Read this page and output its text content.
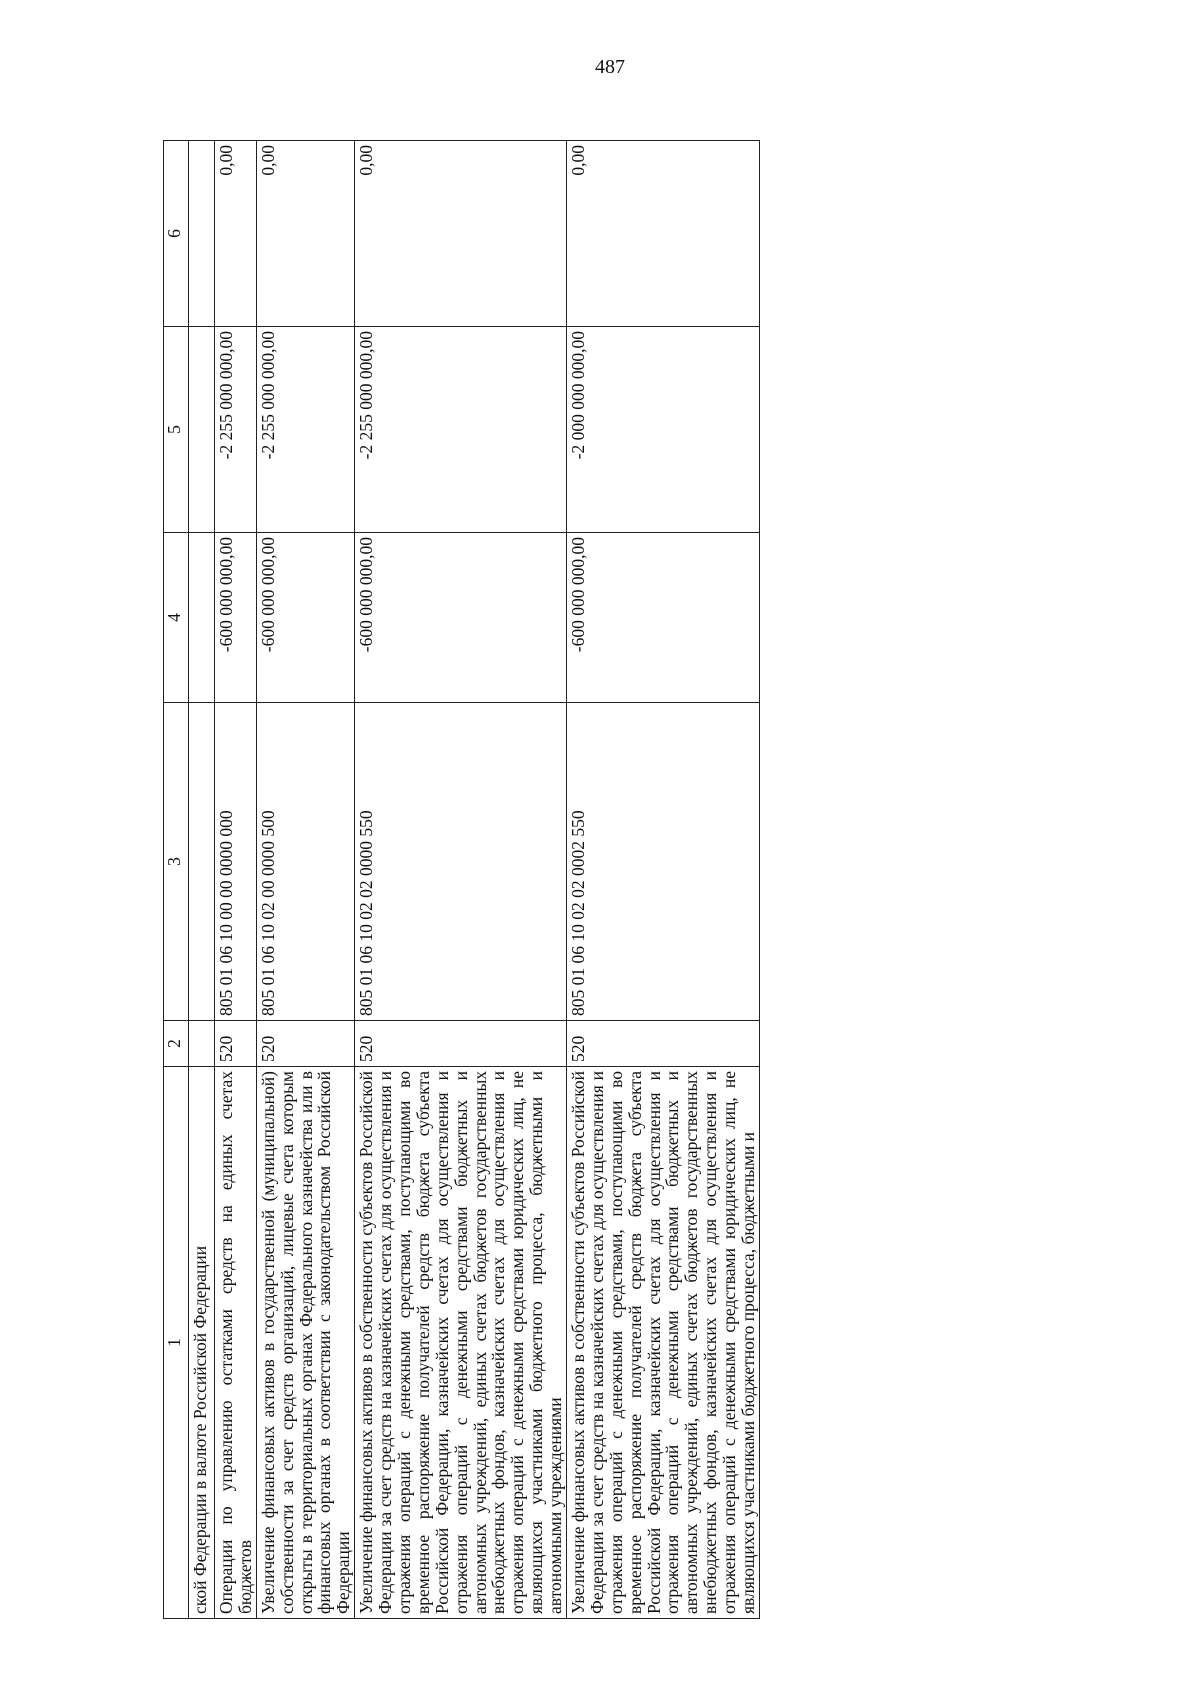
487
1	2	3	4	5	6
ской Федерации в валюте Российской Федерации					
Операции по управлению остатками средств на единых счетах бюджетов	520	805 01 06 10 00 00 0000 000	-600 000 000,00	-2 255 000 000,00	0,00
Увеличение финансовых активов в государственной (муниципальной) собственности за счет средств организаций, лицевые счета которым открыты в территориальных органах Федерального казначейства или в финансовых органах в соответствии с законодательством Российской Федерации	520	805 01 06 10 02 00 0000 500	-600 000 000,00	-2 255 000 000,00	0,00
Увеличение финансовых активов в собственности субъектов Российской Федерации за счет средств на казначейских счетах для осуществления и отражения операций с денежными средствами, поступающими во временное распоряжение получателей средств бюджета субъекта Российской Федерации, казначейских счетах для осуществления и отражения операций с денежными средствами бюджетных и автономных учреждений, единых счетах бюджетов государственных внебюджетных фондов, казначейских счетах для осуществления и отражения операций с денежными средствами юридических лиц, не являющихся участниками бюджетного процесса, бюджетными и автономными учреждениями	520	805 01 06 10 02 02 0000 550	-600 000 000,00	-2 255 000 000,00	0,00
Увеличение финансовых активов в собственности субъектов Российской Федерации за счет средств на казначейских счетах для осуществления и отражения операций с денежными средствами, поступающими во временное распоряжение получателей средств бюджета субъекта Российской Федерации, казначейских счетах для осуществления и отражения операций с денежными средствами бюджетных и автономных учреждений, единых счетах бюджетов государственных внебюджетных фондов, казначейских счетах для осуществления и отражения операций с денежными средствами юридических лиц, не являющихся участниками бюджетного процесса, бюджетными и	520	805 01 06 10 02 02 0002 550	-600 000 000,00	-2 000 000 000,00	0,00
